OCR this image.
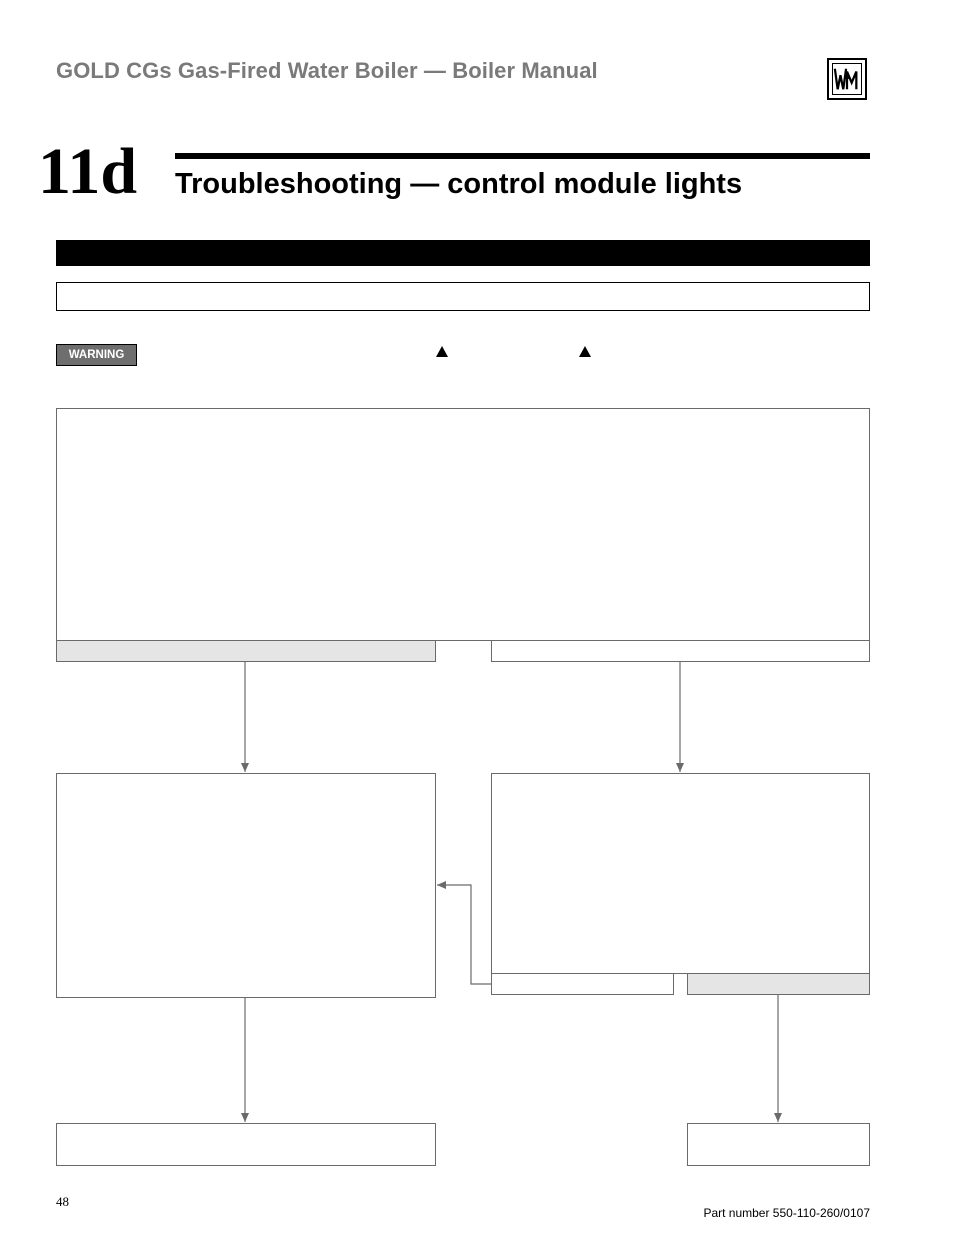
GOLD CGs Gas-Fired Water Boiler — Boiler Manual
11d Troubleshooting — control module lights
WARNING
48
Part number 550-110-260/0107
